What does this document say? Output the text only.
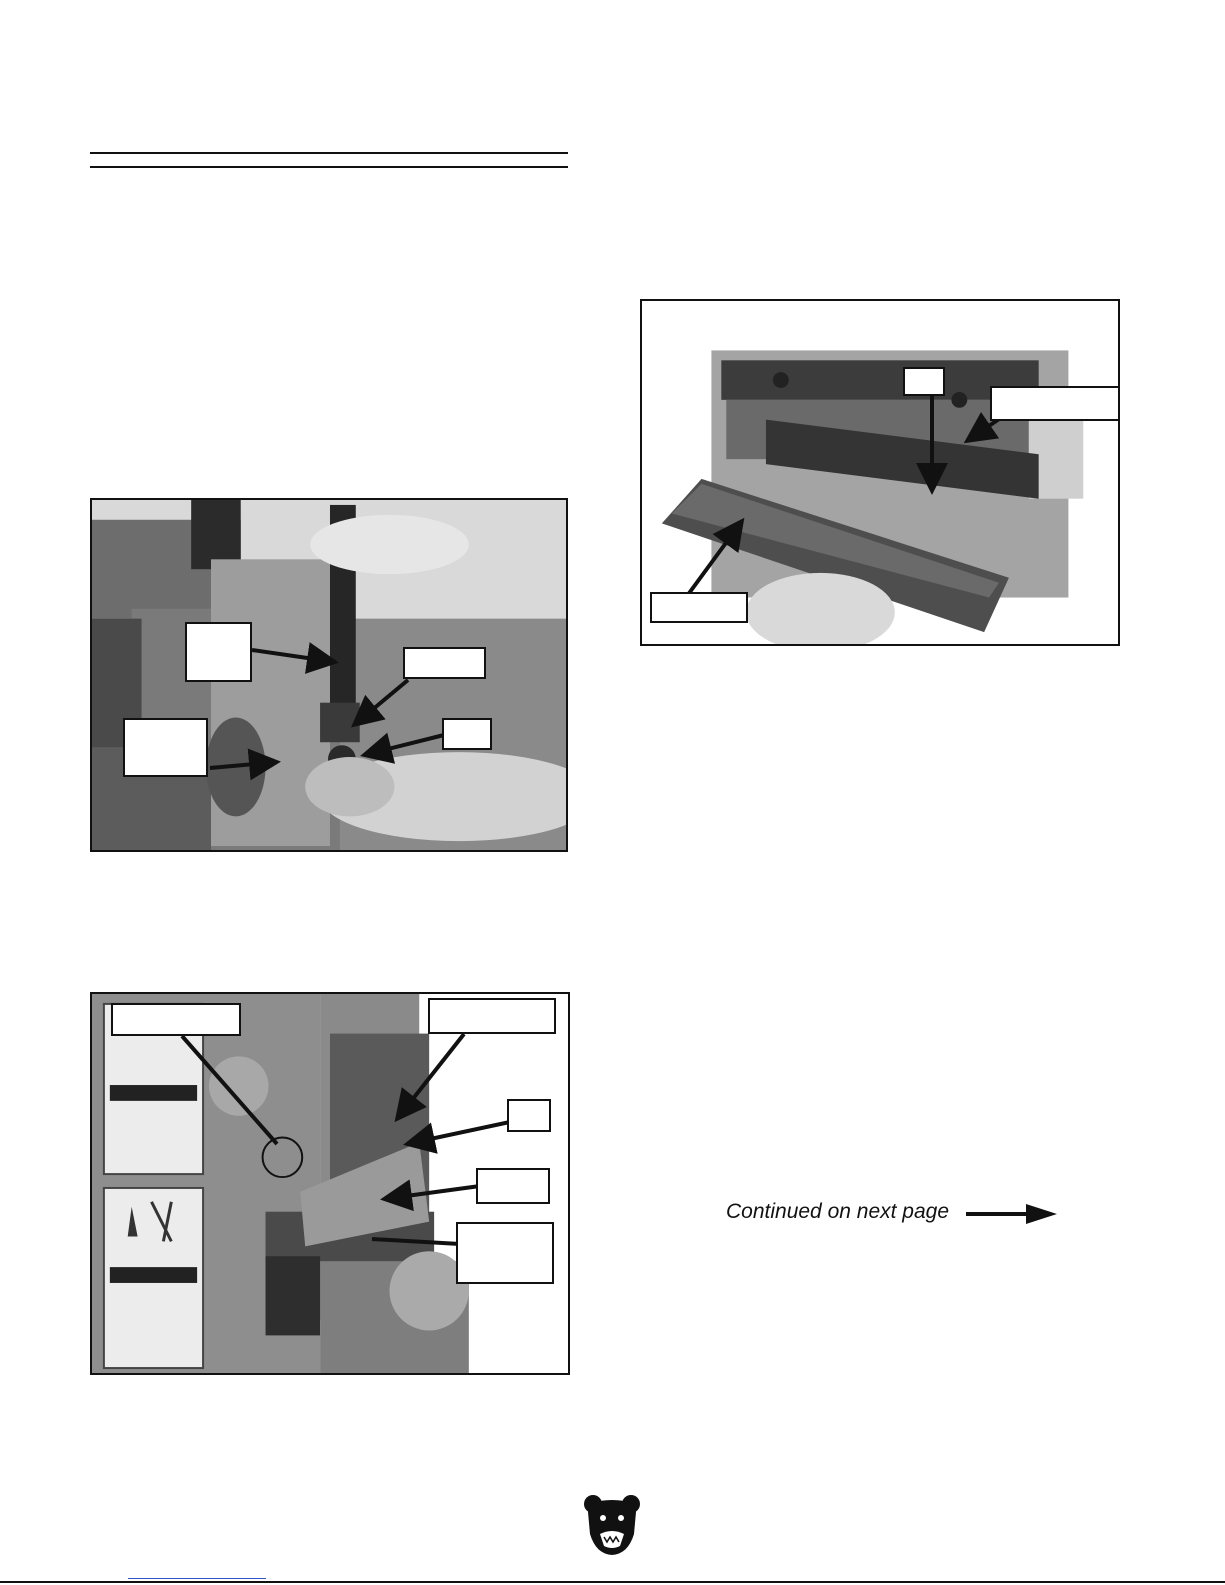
Continued on next page
